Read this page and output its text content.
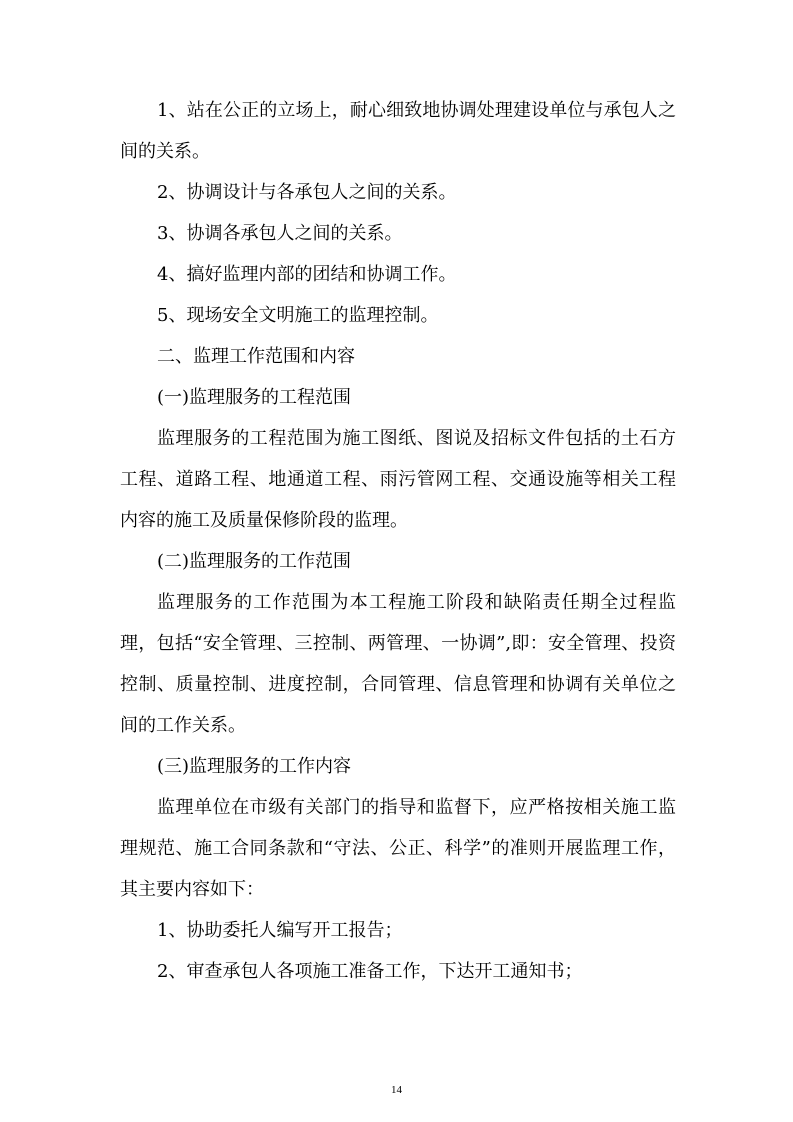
1、站在公正的立场上，耐心细致地协调处理建设单位与承包人之间的关系。

2、协调设计与各承包人之间的关系。

3、协调各承包人之间的关系。

4、搞好监理内部的团结和协调工作。

5、现场安全文明施工的监理控制。

二、监理工作范围和内容

(一)监理服务的工程范围

监理服务的工程范围为施工图纸、图说及招标文件包括的土石方工程、道路工程、地通道工程、雨污管网工程、交通设施等相关工程内容的施工及质量保修阶段的监理。

(二)监理服务的工作范围

监理服务的工作范围为本工程施工阶段和缺陷责任期全过程监理，包括“安全管理、三控制、两管理、一协调”,即：安全管理、投资控制、质量控制、进度控制，合同管理、信息管理和协调有关单位之间的工作关系。

(三)监理服务的工作内容

监理单位在市级有关部门的指导和监督下，应严格按相关施工监理规范、施工合同条款和“守法、公正、科学”的准则开展监理工作，其主要内容如下：

1、协助委托人编写开工报告；

2、审查承包人各项施工准备工作，下达开工通知书；

14
